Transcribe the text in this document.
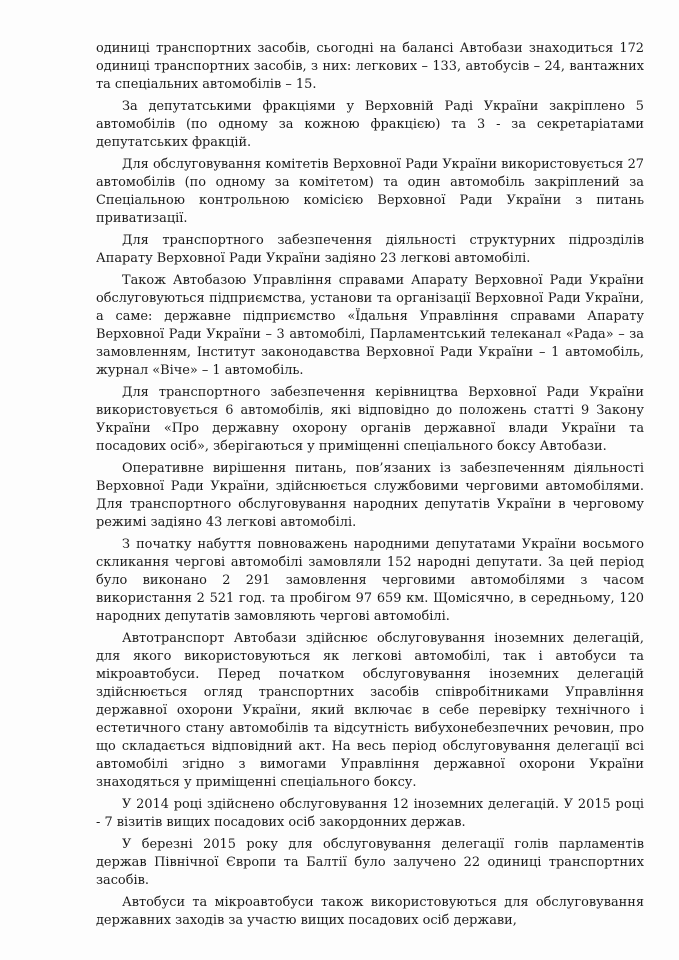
одиниці транспортних засобів, сьогодні на балансі Автобази знаходиться 172 одиниці транспортних засобів, з них: легкових – 133, автобусів – 24, вантажних та спеціальних автомобілів – 15.

За депутатськими фракціями у Верховній Раді України закріплено 5 автомобілів (по одному за кожною фракцією) та 3 - за секретаріатами депутатських фракцій.

Для обслуговування комітетів Верховної Ради України використовується 27 автомобілів (по одному за комітетом) та один автомобіль закріплений за Спеціальною контрольною комісією Верховної Ради України з питань приватизації.

Для транспортного забезпечення діяльності структурних підрозділів Апарату Верховної Ради України задіяно 23 легкові автомобілі.

Також Автобазою Управління справами Апарату Верховної Ради України обслуговуються підприємства, установи та організації Верховної Ради України, а саме: державне підприємство «Їдальня Управління справами Апарату Верховної Ради України – 3 автомобілі, Парламентський телеканал «Рада» – за замовленням, Інститут законодавства Верховної Ради України – 1 автомобіль, журнал «Віче» – 1 автомобіль.

Для транспортного забезпечення керівництва Верховної Ради України використовується 6 автомобілів, які відповідно до положень статті 9 Закону України «Про державну охорону органів державної влади України та посадових осіб», зберігаються у приміщенні спеціального боксу Автобази.

Оперативне вирішення питань, пов’язаних із забезпеченням діяльності Верховної Ради України, здійснюється службовими черговими автомобілями. Для транспортного обслуговування народних депутатів України в черговому режимі задіяно 43 легкові автомобілі.

З початку набуття повноважень народними депутатами України восьмого скликання чергові автомобілі замовляли 152 народні депутати. За цей період було виконано 2 291 замовлення черговими автомобілями з часом використання 2 521 год. та пробігом 97 659 км. Щомісячно, в середньому, 120 народних депутатів замовляють чергові автомобілі.

Автотранспорт Автобази здійснює обслуговування іноземних делегацій, для якого використовуються як легкові автомобілі, так і автобуси та мікроавтобуси. Перед початком обслуговування іноземних делегацій здійснюється огляд транспортних засобів співробітниками Управління державної охорони України, який включає в себе перевірку технічного і естетичного стану автомобілів та відсутність вибухонебезпечних речовин, про що складається відповідний акт. На весь період обслуговування делегації всі автомобілі згідно з вимогами Управління державної охорони України знаходяться у приміщенні спеціального боксу.

У 2014 році здійснено обслуговування 12 іноземних делегацій. У 2015 році - 7 візитів вищих посадових осіб закордонних держав.

У березні 2015 року для обслуговування делегації голів парламентів держав Північної Європи та Балтії було залучено 22 одиниці транспортних засобів.

Автобуси та мікроавтобуси також використовуються для обслуговування державних заходів за участю вищих посадових осіб держави,
